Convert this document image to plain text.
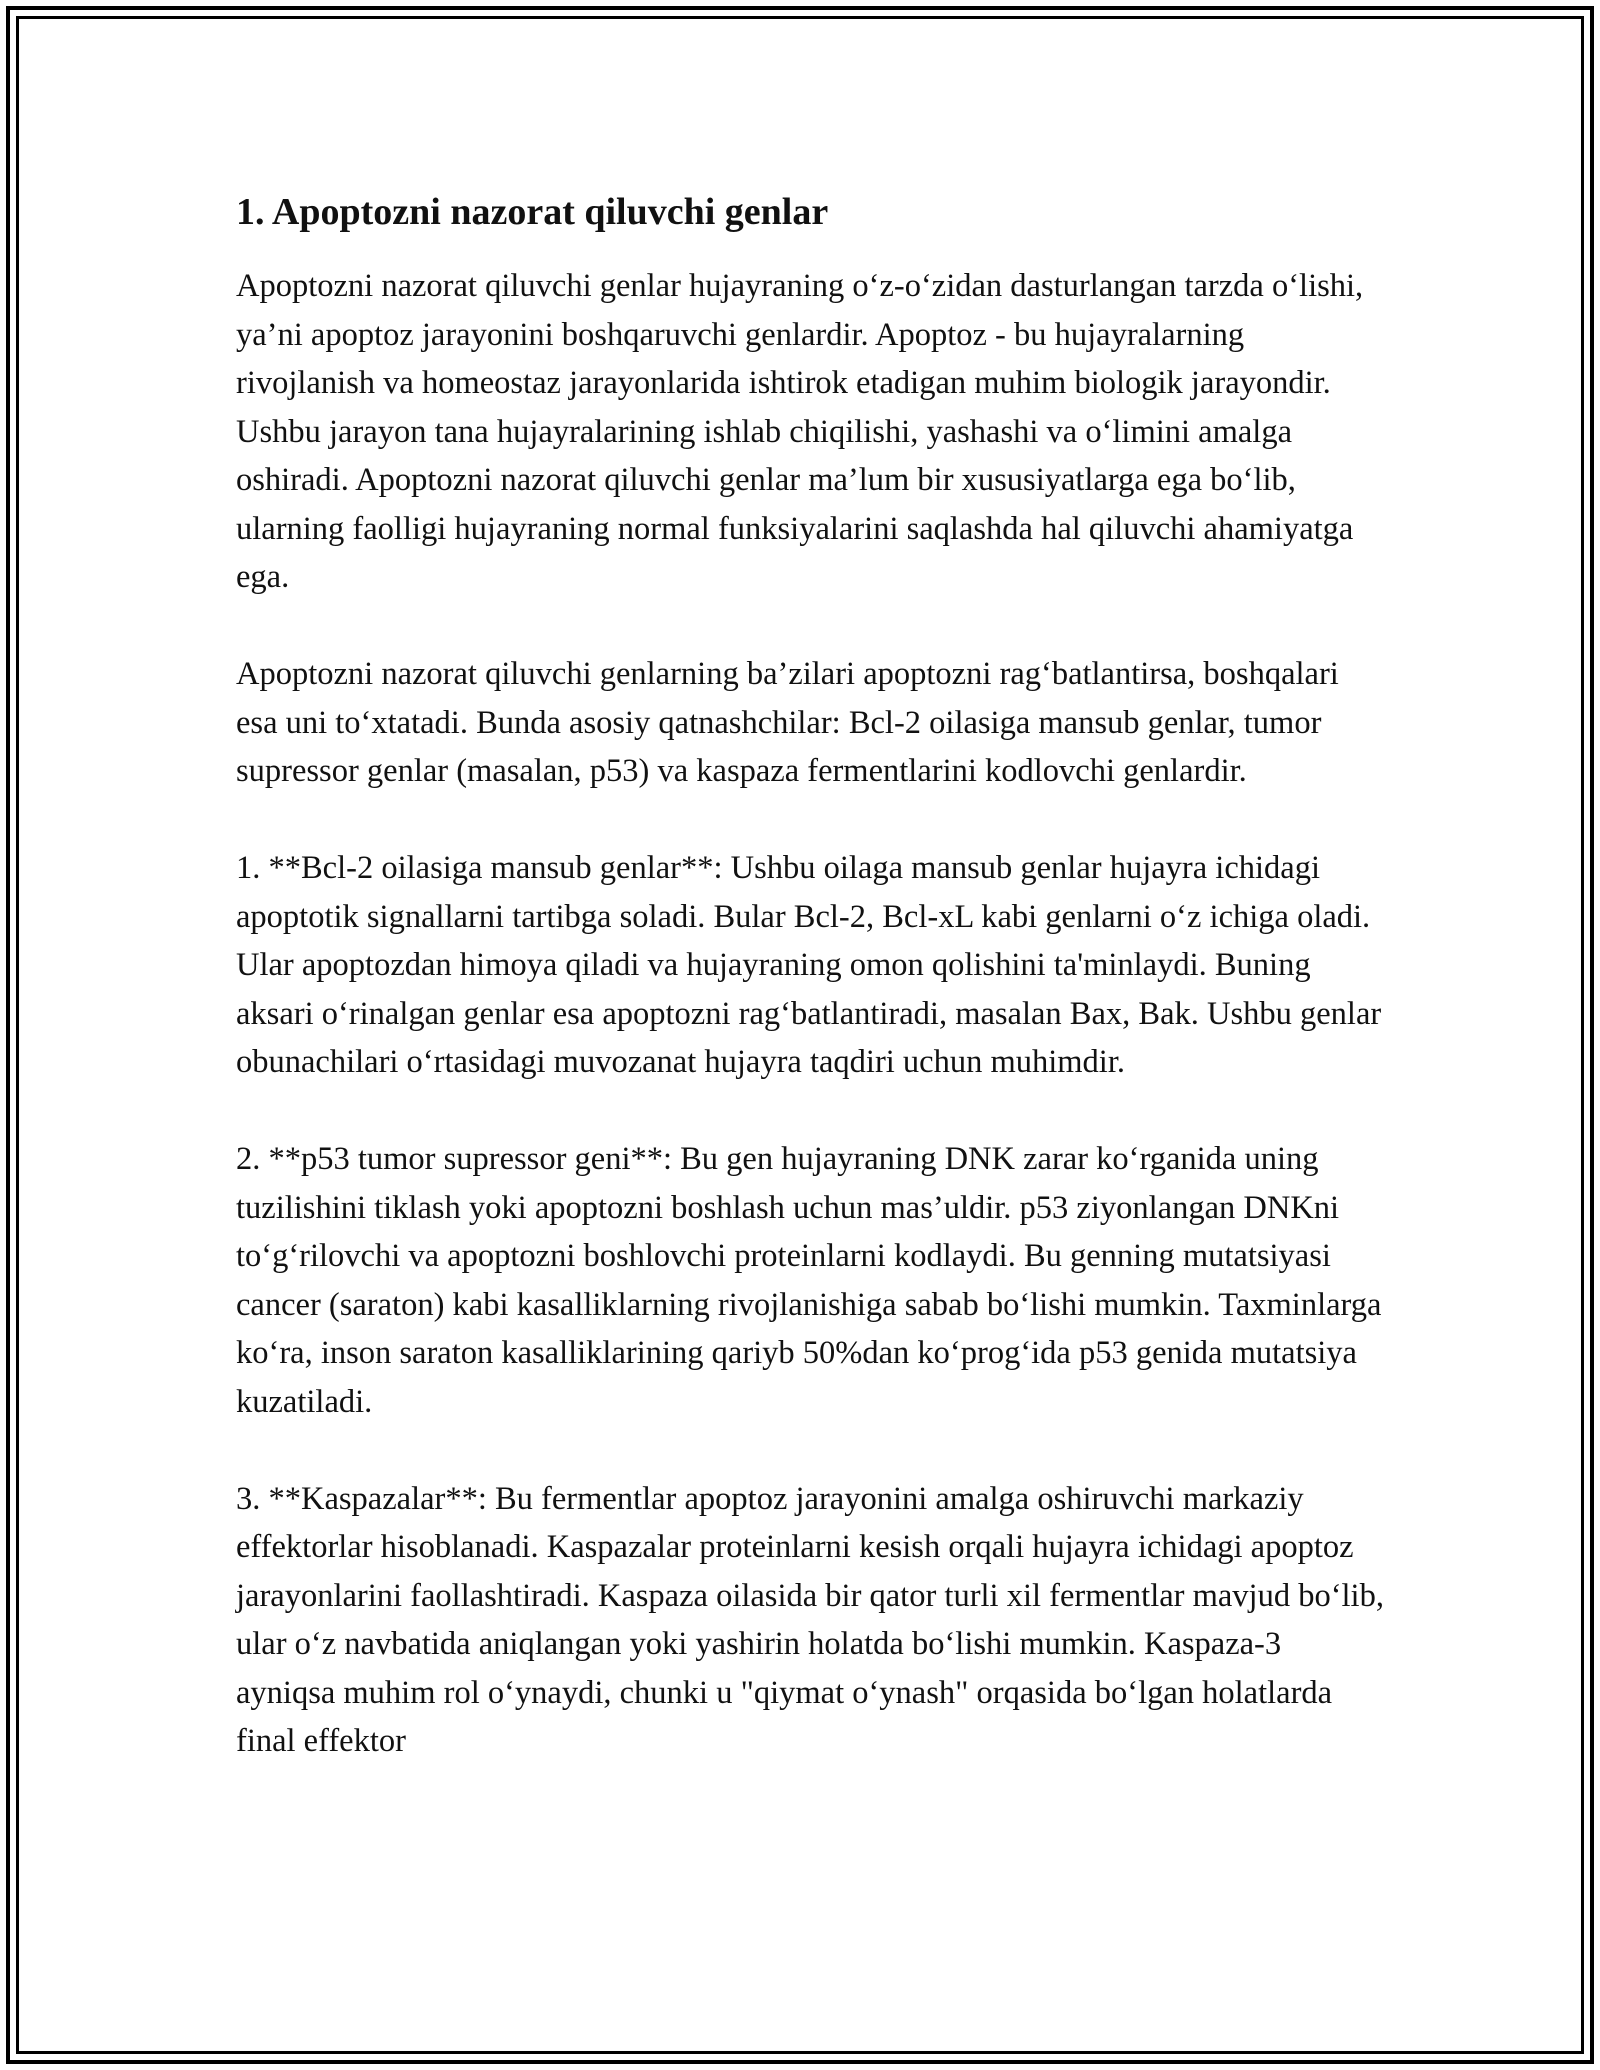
1. Apoptozni nazorat qiluvchi genlar

Apoptozni nazorat qiluvchi genlar hujayraning o‘z-o‘zidan dasturlangan tarzda o‘lishi, ya’ni apoptoz jarayonini boshqaruvchi genlardir. Apoptoz - bu hujayralarning rivojlanish va homeostaz jarayonlarida ishtirok etadigan muhim biologik jarayondir. Ushbu jarayon tana hujayralarining ishlab chiqilishi, yashashi va o‘limini amalga oshiradi. Apoptozni nazorat qiluvchi genlar ma’lum bir xususiyatlarga ega bo‘lib, ularning faolligi hujayraning normal funksiyalarini saqlashda hal qiluvchi ahamiyatga ega.

Apoptozni nazorat qiluvchi genlarning ba’zilari apoptozni rag‘batlantirsa, boshqalari esa uni to‘xtatadi. Bunda asosiy qatnashchilar: Bcl-2 oilasiga mansub genlar, tumor supressor genlar (masalan, p53) va kaspaza fermentlarini kodlovchi genlardir.

1. **Bcl-2 oilasiga mansub genlar**: Ushbu oilaga mansub genlar hujayra ichidagi apoptotik signallarni tartibga soladi. Bular Bcl-2, Bcl-xL kabi genlarni o‘z ichiga oladi. Ular apoptozdan himoya qiladi va hujayraning omon qolishini ta'minlaydi. Buning aksari o‘rinalgan genlar esa apoptozni rag‘batlantiradi, masalan Bax, Bak. Ushbu genlar obunachilari o‘rtasidagi muvozanat hujayra taqdiri uchun muhimdir.

2. **p53 tumor supressor geni**: Bu gen hujayraning DNK zarar ko‘rganida uning tuzilishini tiklash yoki apoptozni boshlash uchun mas’uldir. p53 ziyonlangan DNKni to‘g‘rilovchi va apoptozni boshlovchi proteinlarni kodlaydi. Bu genning mutatsiyasi cancer (saraton) kabi kasalliklarning rivojlanishiga sabab bo‘lishi mumkin. Taxminlarga ko‘ra, inson saraton kasalliklarining qariyb 50%dan ko‘prog‘ida p53 genida mutatsiya kuzatiladi.

3. **Kaspazalar**: Bu fermentlar apoptoz jarayonini amalga oshiruvchi markaziy effektorlar hisoblanadi. Kaspazalar proteinlarni kesish orqali hujayra ichidagi apoptoz jarayonlarini faollashtiradi. Kaspaza oilasida bir qator turli xil fermentlar mavjud bo‘lib, ular o‘z navbatida aniqlangan yoki yashirin holatda bo‘lishi mumkin. Kaspaza-3 ayniqsa muhim rol o‘ynaydi, chunki u "qiymat o‘ynash" orqasida bo‘lgan holatlarda final effektor
